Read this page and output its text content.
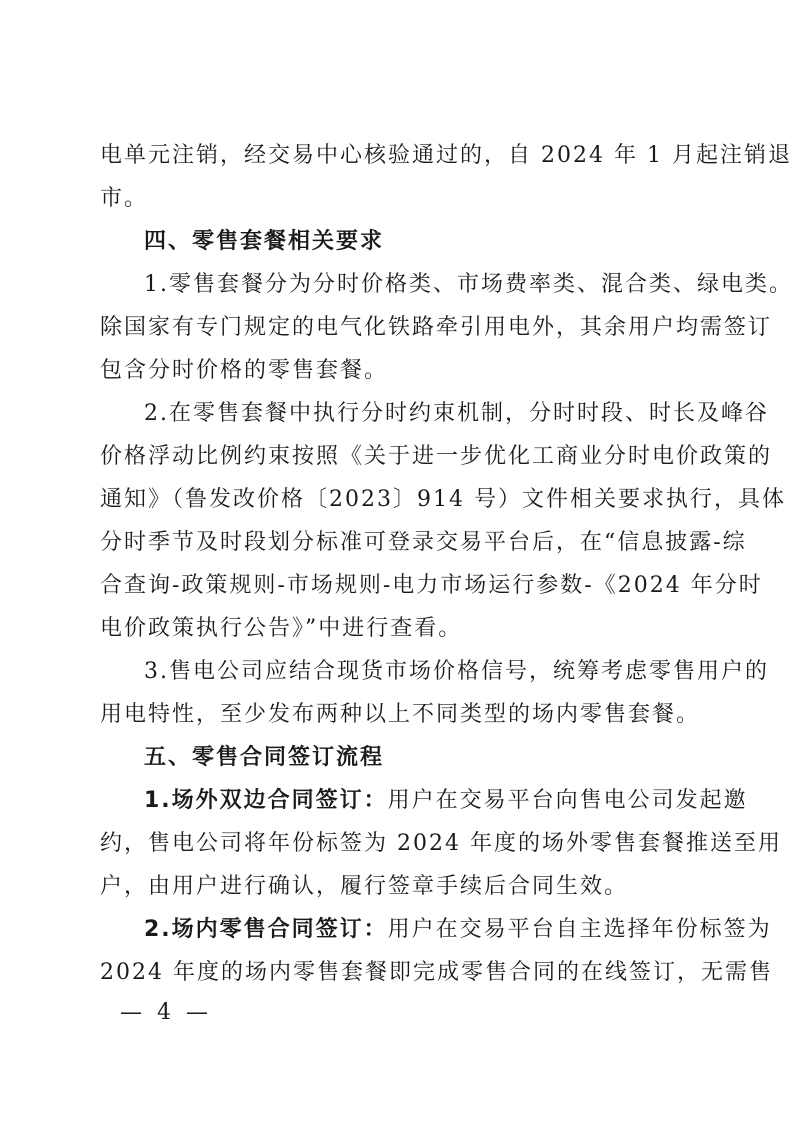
电单元注销，经交易中心核验通过的，自 2024 年 1 月起注销退
市。
四、零售套餐相关要求
1.零售套餐分为分时价格类、市场费率类、混合类、绿电类。
除国家有专门规定的电气化铁路牵引用电外，其余用户均需签订
包含分时价格的零售套餐。
2.在零售套餐中执行分时约束机制，分时时段、时长及峰谷
价格浮动比例约束按照《关于进一步优化工商业分时电价政策的
通知》（鲁发改价格〔2023〕914 号）文件相关要求执行，具体
分时季节及时段划分标准可登录交易平台后，在“信息披露-综
合查询-政策规则-市场规则-电力市场运行参数-《2024 年分时
电价政策执行公告》”中进行查看。
3.售电公司应结合现货市场价格信号，统筹考虑零售用户的
用电特性，至少发布两种以上不同类型的场内零售套餐。
五、零售合同签订流程
1.场外双边合同签订：用户在交易平台向售电公司发起邀
约，售电公司将年份标签为 2024 年度的场外零售套餐推送至用
户，由用户进行确认，履行签章手续后合同生效。
2.场内零售合同签订：用户在交易平台自主选择年份标签为
2024 年度的场内零售套餐即完成零售合同的在线签订，无需售
— 4 —
